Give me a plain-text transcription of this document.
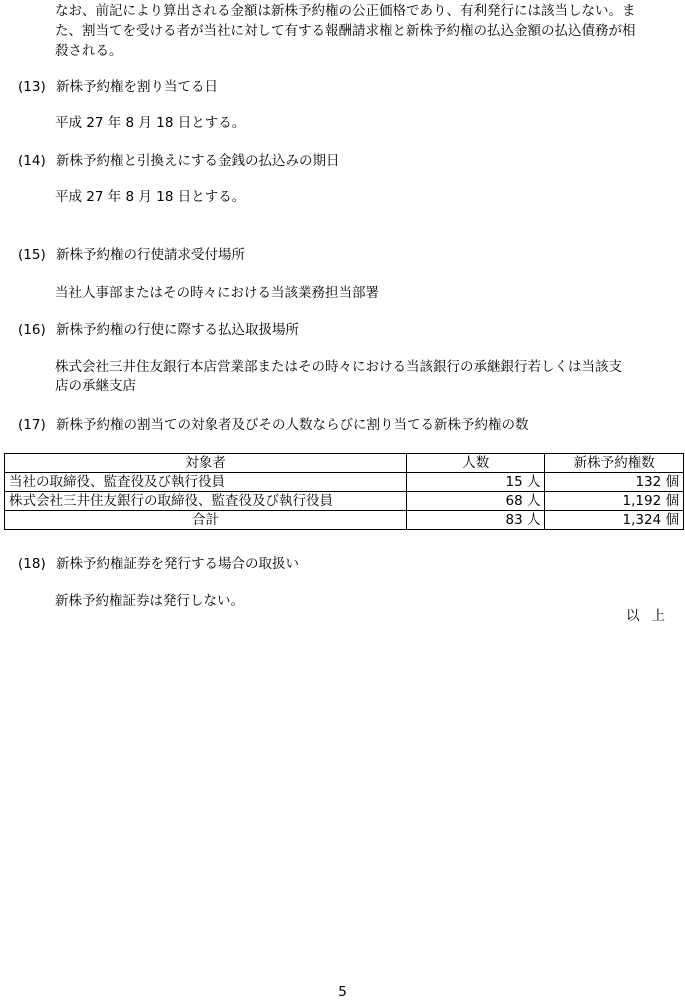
なお、前記により算出される金額は新株予約権の公正価格であり、有利発行には該当しない。ま
た、割当てを受ける者が当社に対して有する報酬請求権と新株予約権の払込金額の払込債務が相
殺される。
(13) 新株予約権を割り当てる日
平成 27 年 8 月 18 日とする。
(14) 新株予約権と引換えにする金銭の払込みの期日
平成 27 年 8 月 18 日とする。
(15) 新株予約権の行使請求受付場所
当社人事部またはその時々における当該業務担当部署
(16) 新株予約権の行使に際する払込取扱場所
株式会社三井住友銀行本店営業部またはその時々における当該銀行の承継銀行若しくは当該支
店の承継支店
(17) 新株予約権の割当ての対象者及びその人数ならびに割り当てる新株予約権の数
対象者	人数	新株予約権数
当社の取締役、監査役及び執行役員	15 人	132 個
株式会社三井住友銀行の取締役、監査役及び執行役員	68 人	1,192 個
合計	83 人	1,324 個
(18) 新株予約権証券を発行する場合の取扱い
新株予約権証券は発行しない。
以上
5
